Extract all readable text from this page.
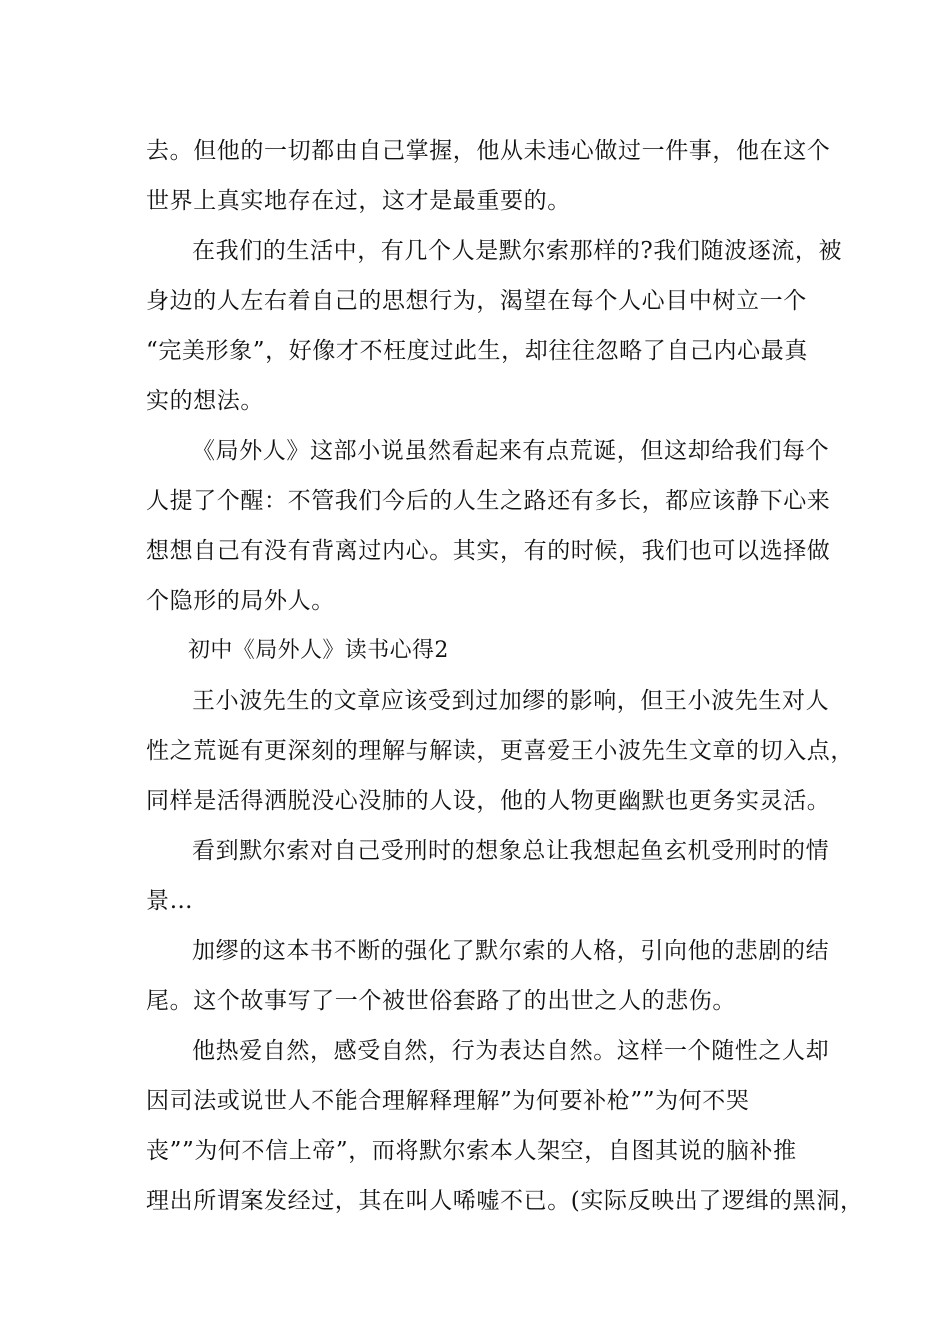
去。但他的一切都由自己掌握，他从未违心做过一件事，他在这个

世界上真实地存在过，这才是最重要的。

在我们的生活中，有几个人是默尔索那样的?我们随波逐流，被

身边的人左右着自己的思想行为，渴望在每个人心目中树立一个

“完美形象”，好像才不枉度过此生，却往往忽略了自己内心最真

实的想法。

《局外人》这部小说虽然看起来有点荒诞，但这却给我们每个

人提了个醒：不管我们今后的人生之路还有多长，都应该静下心来

想想自己有没有背离过内心。其实，有的时候，我们也可以选择做

个隐形的局外人。

初中《局外人》读书心得2

王小波先生的文章应该受到过加缪的影响，但王小波先生对人

性之荒诞有更深刻的理解与解读，更喜爱王小波先生文章的切入点，

同样是活得洒脱没心没肺的人设，他的人物更幽默也更务实灵活。

看到默尔索对自己受刑时的想象总让我想起鱼玄机受刑时的情

景…

加缪的这本书不断的强化了默尔索的人格，引向他的悲剧的结

尾。这个故事写了一个被世俗套路了的出世之人的悲伤。

他热爱自然，感受自然，行为表达自然。这样一个随性之人却

因司法或说世人不能合理解释理解”为何要补枪””为何不哭

丧””为何不信上帝”，而将默尔索本人架空，自图其说的脑补推

理出所谓案发经过，其在叫人唏嘘不已。(实际反映出了逻缉的黑洞，
